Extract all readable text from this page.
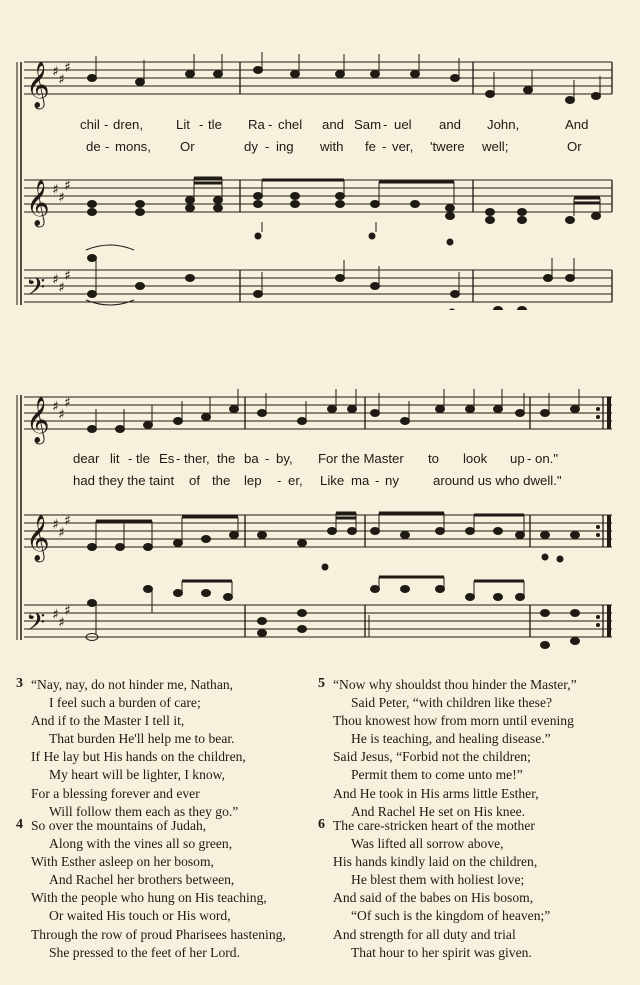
𝄞
𝄞
𝄢
♯ ♯
♯
♯ ♯
♯
♯ ♯
♯
chil - dren, Lit - tle Ra - chel and Sam - uel and John,	And
de - mons, Or	dy - ing with fe - ver, 'twere well;	Or
𝄞
𝄞
𝄢
♯ ♯
♯
♯ ♯
♯
♯ ♯
♯
dear lit - tle Es - ther, the ba - by, For the Master to look up - on."
had they the taint of the lep - er, Like ma - ny	around us who dwell."
3 “Nay, nay, do not hinder me, Nathan,
I feel such a burden of care;
And if to the Master I tell it,
That burden He'll help me to bear.
If He lay but His hands on the children,
My heart will be lighter, I know,
For a blessing forever and ever
Will follow them each as they go.”
4 So over the mountains of Judah,
Along with the vines all so green,
With Esther asleep on her bosom,
And Rachel her brothers between,
With the people who hung on His teaching,
Or waited His touch or His word,
Through the row of proud Pharisees hastening,
She pressed to the feet of her Lord.
5 “Now why shouldst thou hinder the Master,”
Said Peter, “with children like these?
Thou knowest how from morn until evening
He is teaching, and healing disease.”
Said Jesus, “Forbid not the children;
Permit them to come unto me!”
And He took in His arms little Esther,
And Rachel He set on His knee.
6 The care-stricken heart of the mother
Was lifted all sorrow above,
His hands kindly laid on the children,
He blest them with holiest love;
And said of the babes on His bosom,
“Of such is the kingdom of heaven;”
And strength for all duty and trial
That hour to her spirit was given.
